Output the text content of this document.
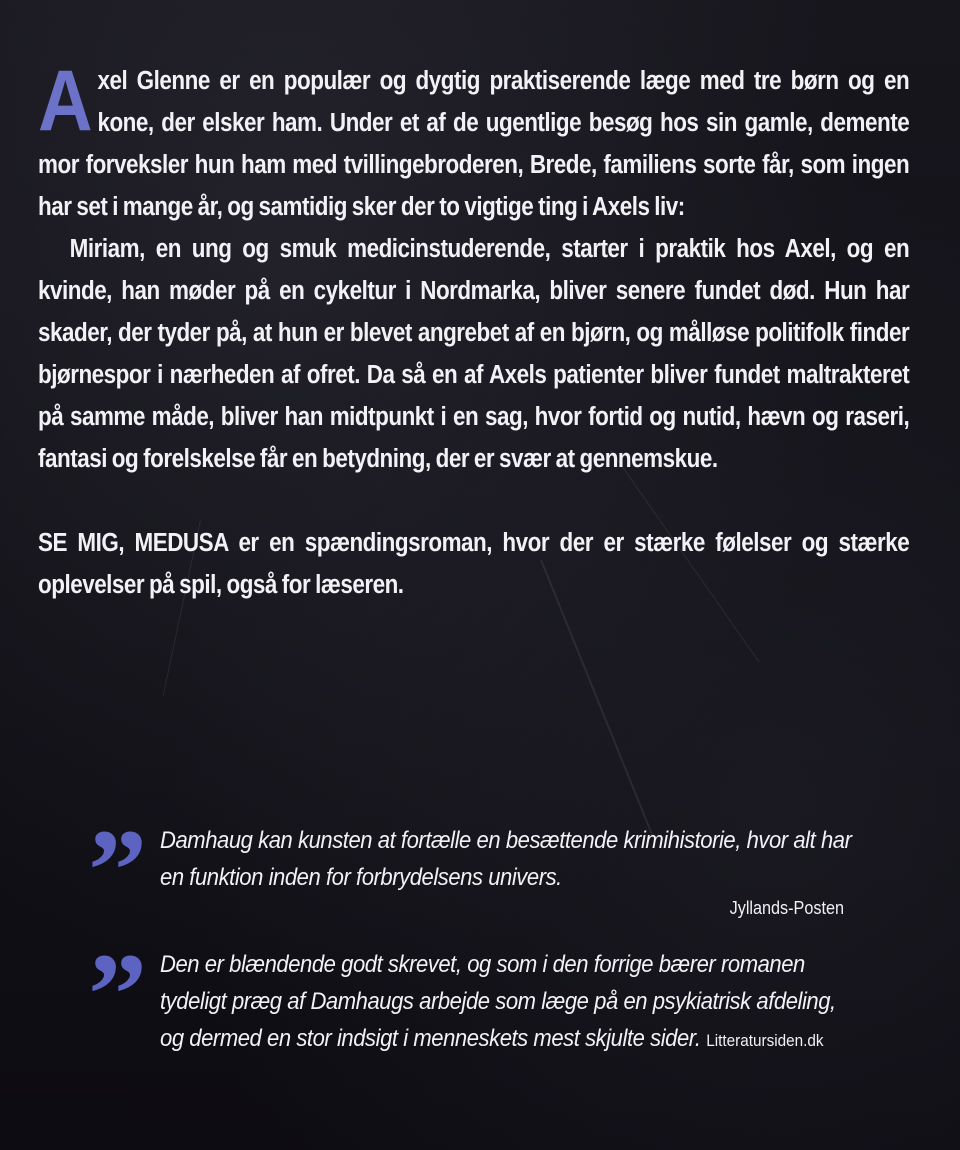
Axel Glenne er en populær og dygtig praktiserende læge med tre børn og en kone, der elsker ham. Under et af de ugentlige besøg hos sin gamle, demente mor forveksler hun ham med tvillingebroderen, Brede, familiens sorte får, som ingen har set i mange år, og samtidig sker der to vigtige ting i Axels liv:

Miriam, en ung og smuk medicinstuderende, starter i praktik hos Axel, og en kvinde, han møder på en cykeltur i Nordmarka, bliver senere fundet død. Hun har skader, der tyder på, at hun er blevet angrebet af en bjørn, og målløse politifolk finder bjørnespor i nærheden af ofret. Da så en af Axels patienter bliver fundet maltrakteret på samme måde, bliver han midtpunkt i en sag, hvor fortid og nutid, hævn og raseri, fantasi og forelskelse får en betydning, der er svær at gennemskue.

SE MIG, MEDUSA er en spændingsroman, hvor der er stærke følelser og stærke oplevelser på spil, også for læseren.

” Damhaug kan kunsten at fortælle en besættende krimihistorie, hvor alt har en funktion inden for forbrydelsens univers.
Jyllands-Posten
” Den er blændende godt skrevet, og som i den forrige bærer romanen tydeligt præg af Damhaugs arbejde som læge på en psykiatrisk afdeling, og dermed en stor indsigt i menneskets mest skjulte sider. Litteratursiden.dk
